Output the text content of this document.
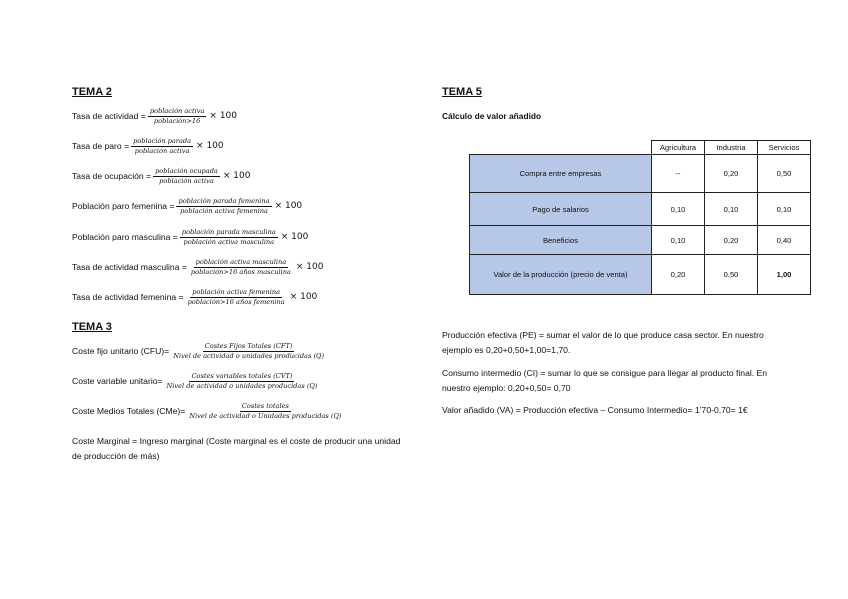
TEMA 2
Tasa de actividad = $\frac{\text{población activa}}{\text{población>16}} \times 100$
Tasa de paro = $\frac{\text{población parada}}{\text{población activa}} \times 100$
Tasa de ocupación = $\frac{\text{población ocupada}}{\text{población activa}} \times 100$
Población paro femenina = $\frac{\text{población parada femenina}}{\text{población activa femenina}} \times 100$
Población paro masculina = $\frac{\text{población parada masculina}}{\text{población activa masculina}} \times 100$
Tasa de actividad masculina = $\frac{\text{población activa masculina}}{\text{población>16 años masculina}} \times 100$
Tasa de actividad femenina = $\frac{\text{población activa femenina}}{\text{población>16 años femenina}} \times 100$
TEMA 3
Coste fijo unitario $(CFU)= \frac{\text{Costes Fijos Totales (CFT)}}{\text{Nivel de actividad o unidades producidas (Q)}}$
Coste variable unitario= $\frac{\text{Costes variables totales (CVT)}}{\text{Nivel de actividad o unidades producidas (Q)}}$
Coste Medios Totales $(CMe)= \frac{\text{Costes totales}}{\text{Nivel de actividad o Unidades producidas (Q)}}$
Coste Marginal = Ingreso marginal (Coste marginal es el coste de producir una unidad de producción de más)
TEMA 5
Cálculo de valor añadido
	Agricultura	Industria	Servicios
Compra entre empresas	--	0,20	0,50
Pago de salarios	0,10	0,10	0,10
Beneficios	0,10	0,20	0,40
Valor de la producción (precio de venta)	0,20	0,50	1,00
Producción efectiva (PE) = sumar el valor de lo que produce casa sector. En nuestro ejemplo es 0,20+0,50+1,00=1,70.
Consumo intermedio (CI) = sumar lo que se consigue para llegar al producto final. En nuestro ejemplo: 0,20+0,50= 0,70
Valor añadido (VA) = Producción efectiva – Consumo Intermedio= 1’70-0,70= 1€
